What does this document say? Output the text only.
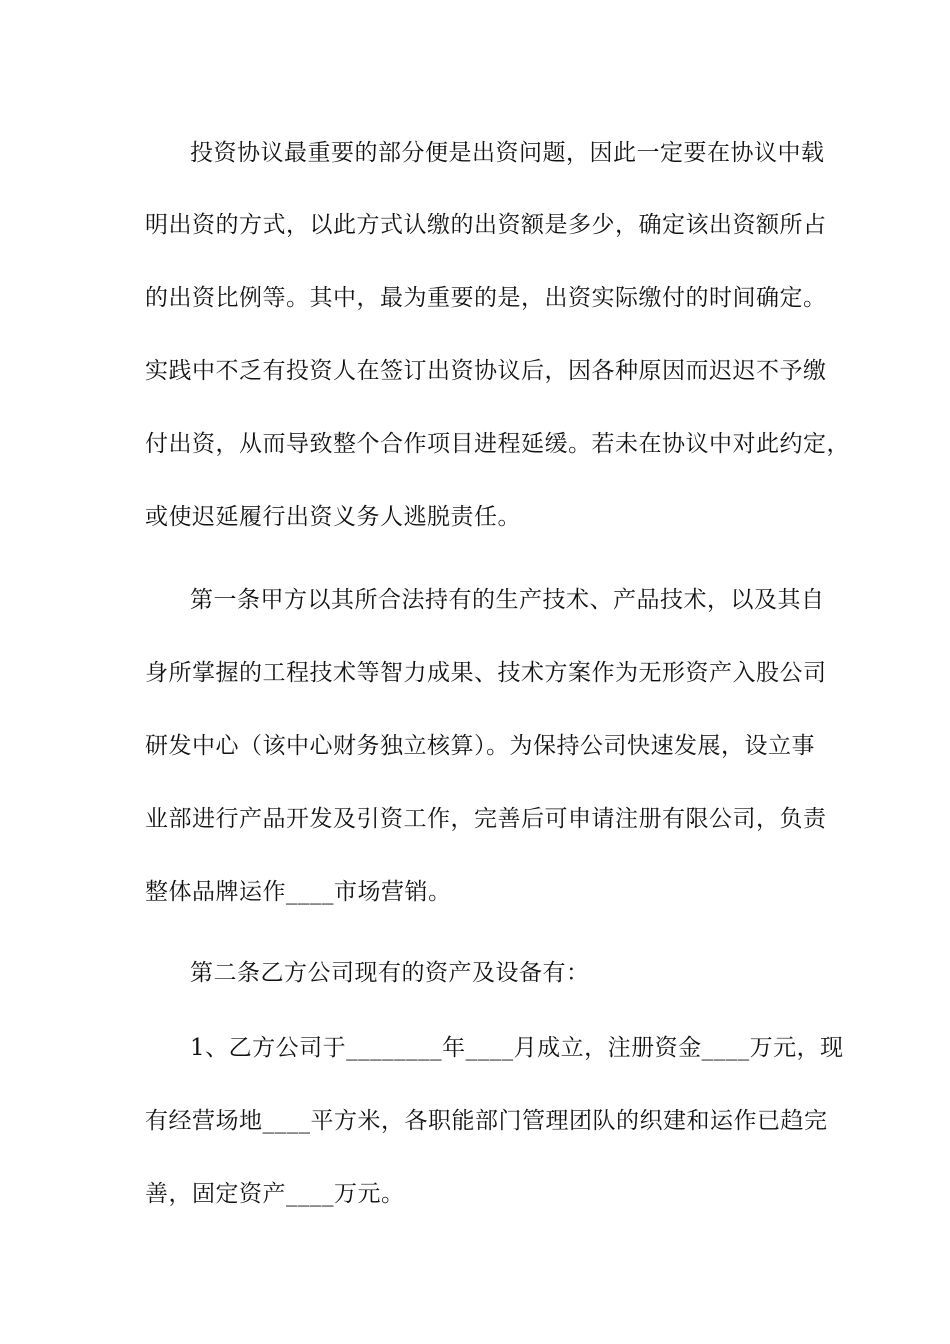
投资协议最重要的部分便是出资问题，因此一定要在协议中载
明出资的方式，以此方式认缴的出资额是多少，确定该出资额所占
的出资比例等。其中，最为重要的是，出资实际缴付的时间确定。
实践中不乏有投资人在签订出资协议后，因各种原因而迟迟不予缴
付出资，从而导致整个合作项目进程延缓。若未在协议中对此约定，
或使迟延履行出资义务人逃脱责任。
第一条甲方以其所合法持有的生产技术、产品技术，以及其自
身所掌握的工程技术等智力成果、技术方案作为无形资产入股公司
研发中心（该中心财务独立核算）。为保持公司快速发展，设立事
业部进行产品开发及引资工作，完善后可申请注册有限公司，负责
整体品牌运作____市场营销。
第二条乙方公司现有的资产及设备有：
1、乙方公司于________年____月成立，注册资金____万元，现
有经营场地____平方米，各职能部门管理团队的织建和运作已趋完
善，固定资产____万元。
